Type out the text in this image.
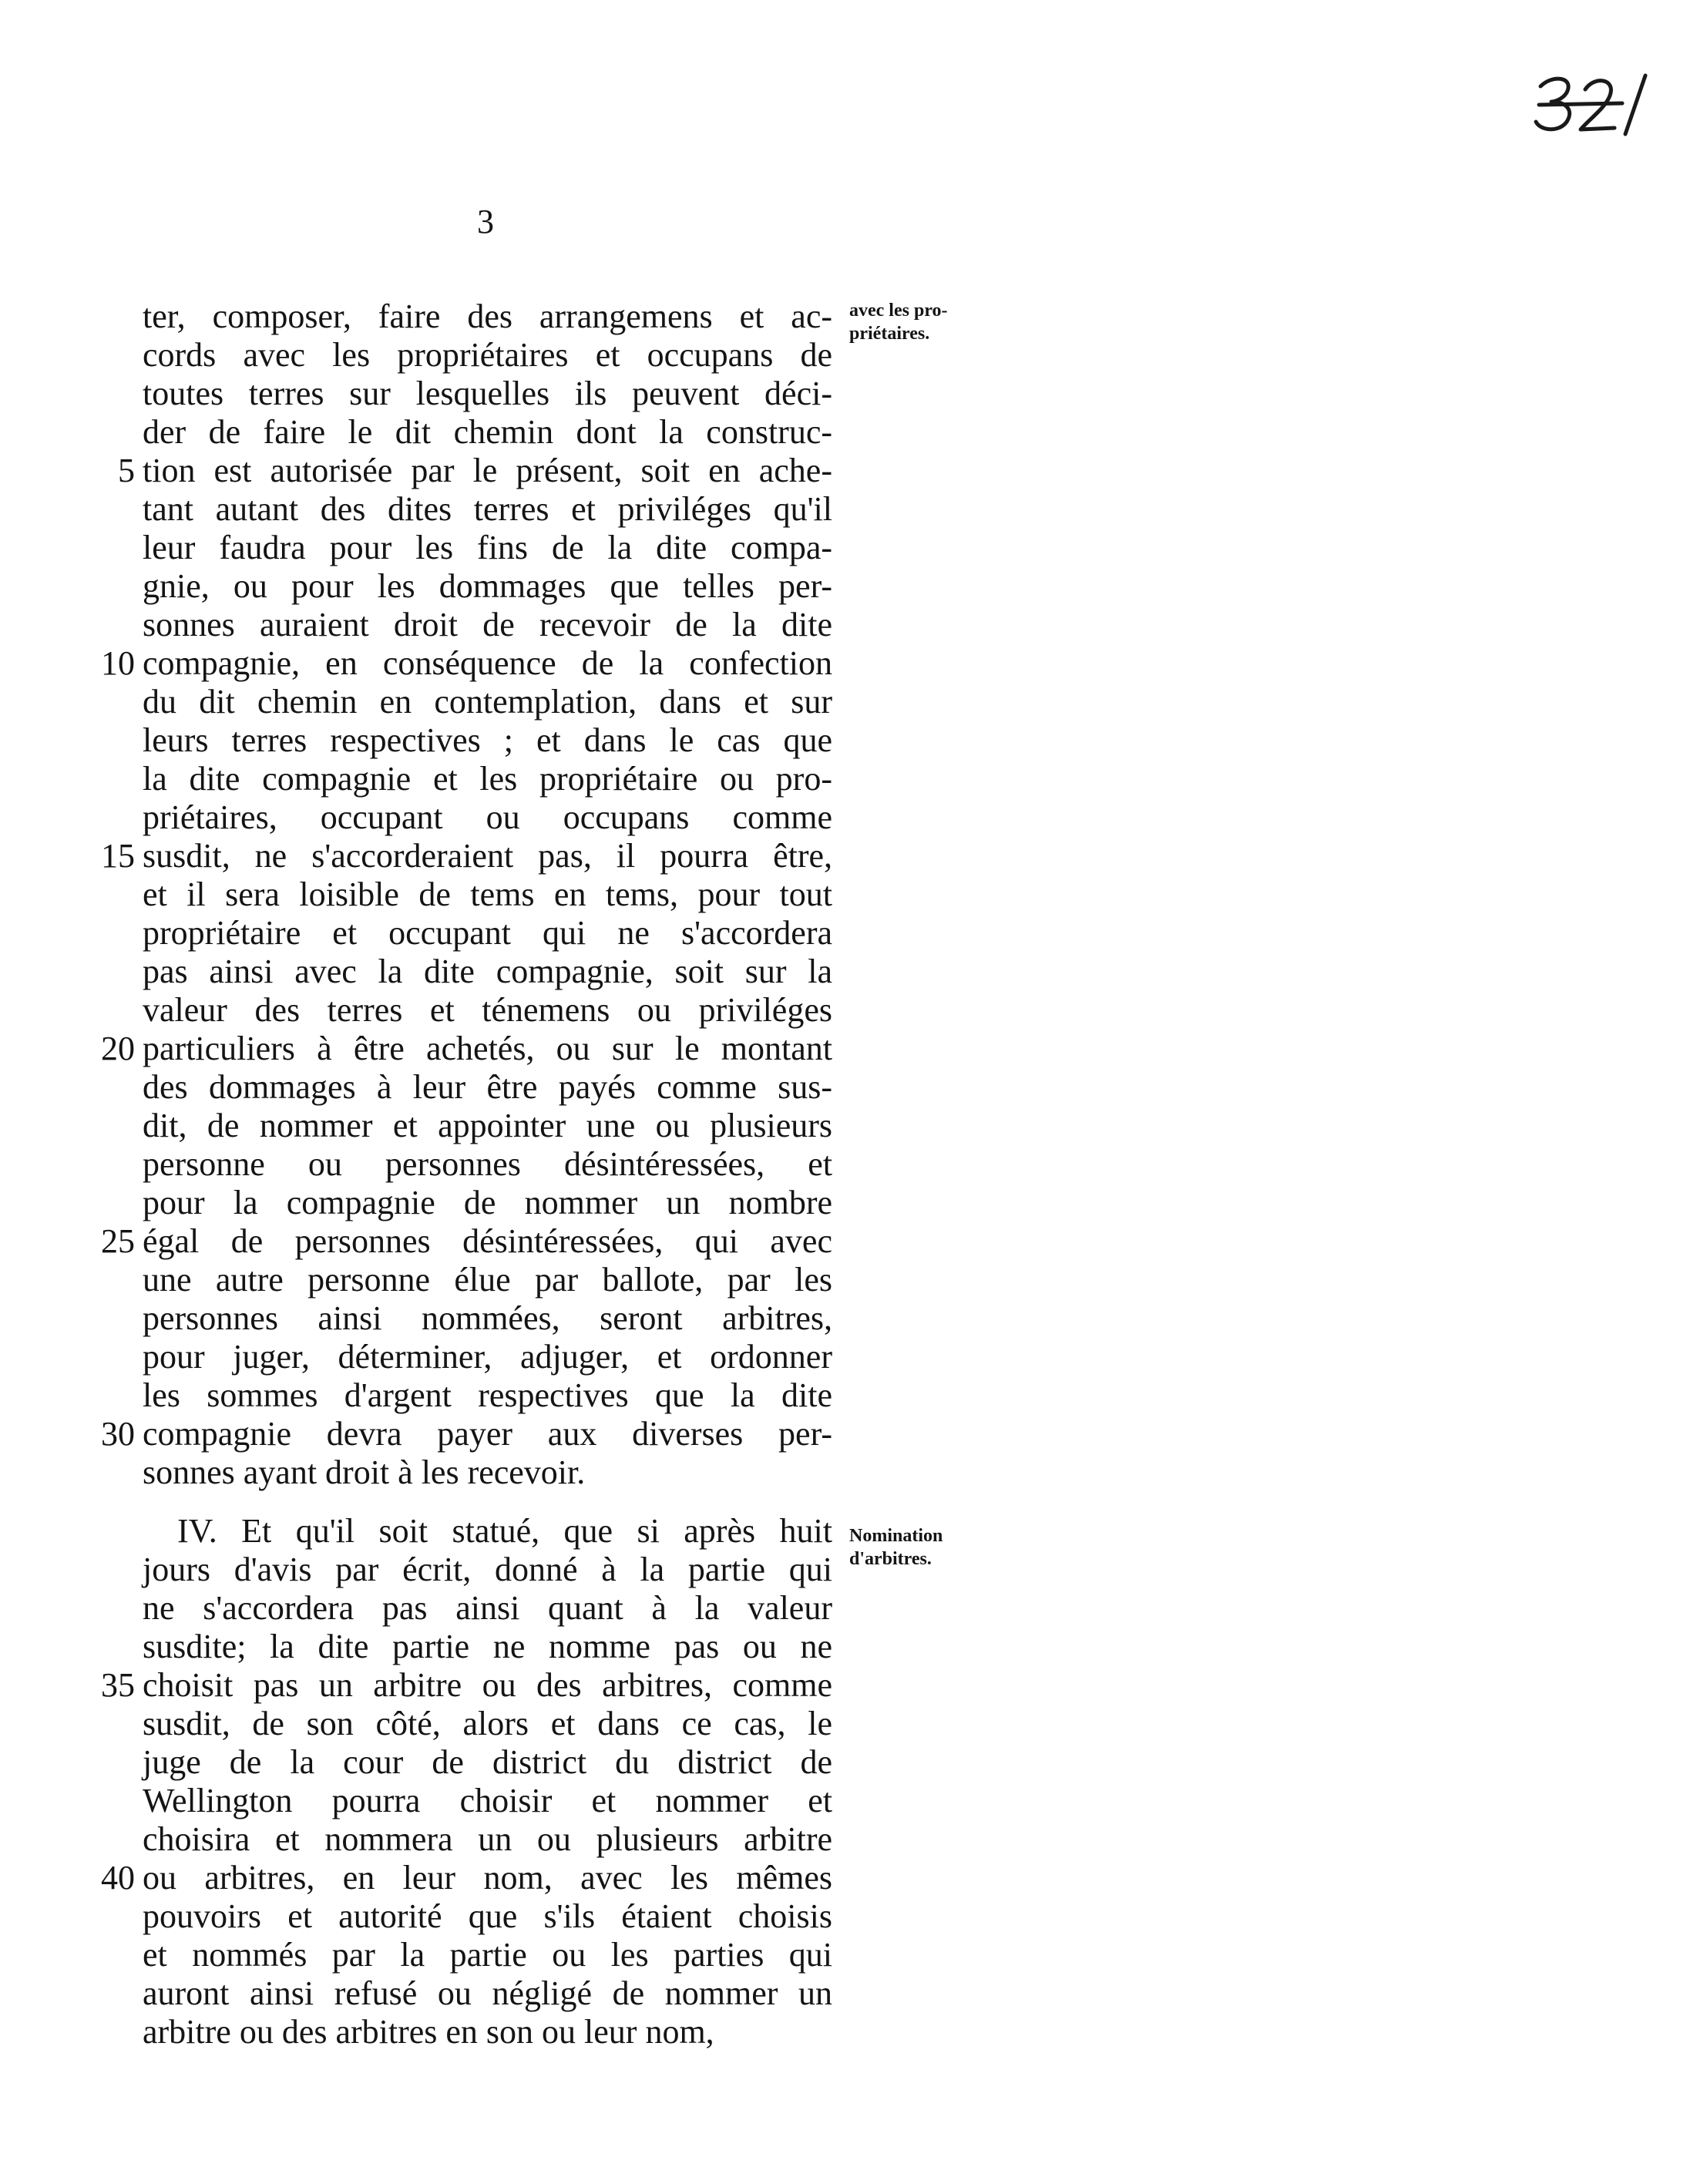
3
ter, composer, faire des arrangemens et ac-
cords avec les propriétaires et occupans de
toutes terres sur lesquelles ils peuvent déci-
der de faire le dit chemin dont la construc-
tion est autorisée par le présent, soit en ache-
tant autant des dites terres et priviléges qu'il
leur faudra pour les fins de la dite compa-
gnie, ou pour les dommages que telles per-
sonnes auraient droit de recevoir de la dite
compagnie, en conséquence de la confection
du dit chemin en contemplation, dans et sur
leurs terres respectives ; et dans le cas que
la dite compagnie et les propriétaire ou pro-
priétaires, occupant ou occupans comme
susdit, ne s'accorderaient pas, il pourra être,
et il sera loisible de tems en tems, pour tout
propriétaire et occupant qui ne s'accordera
pas ainsi avec la dite compagnie, soit sur la
valeur des terres et ténemens ou priviléges
particuliers à être achetés, ou sur le montant
des dommages à leur être payés comme sus-
dit, de nommer et appointer une ou plusieurs
personne ou personnes désintéressées, et
pour la compagnie de nommer un nombre
égal de personnes désintéressées, qui avec
une autre personne élue par ballote, par les
personnes ainsi nommées, seront arbitres,
pour juger, déterminer, adjuger, et ordonner
les sommes d'argent respectives que la dite
compagnie devra payer aux diverses per-
sonnes ayant droit à les recevoir.
IV. Et qu'il soit statué, que si après huit
jours d'avis par écrit, donné à la partie qui
ne s'accordera pas ainsi quant à la valeur
susdite; la dite partie ne nomme pas ou ne
choisit pas un arbitre ou des arbitres, comme
susdit, de son côté, alors et dans ce cas, le
juge de la cour de district du district de
Wellington pourra choisir et nommer et
choisira et nommera un ou plusieurs arbitre
ou arbitres, en leur nom, avec les mêmes
pouvoirs et autorité que s'ils étaient choisis
et nommés par la partie ou les parties qui
auront ainsi refusé ou négligé de nommer un
arbitre ou des arbitres en son ou leur nom,
5
10
15
20
25
30
35
40
avec les pro-
priétaires.
Nomination
d'arbitres.
